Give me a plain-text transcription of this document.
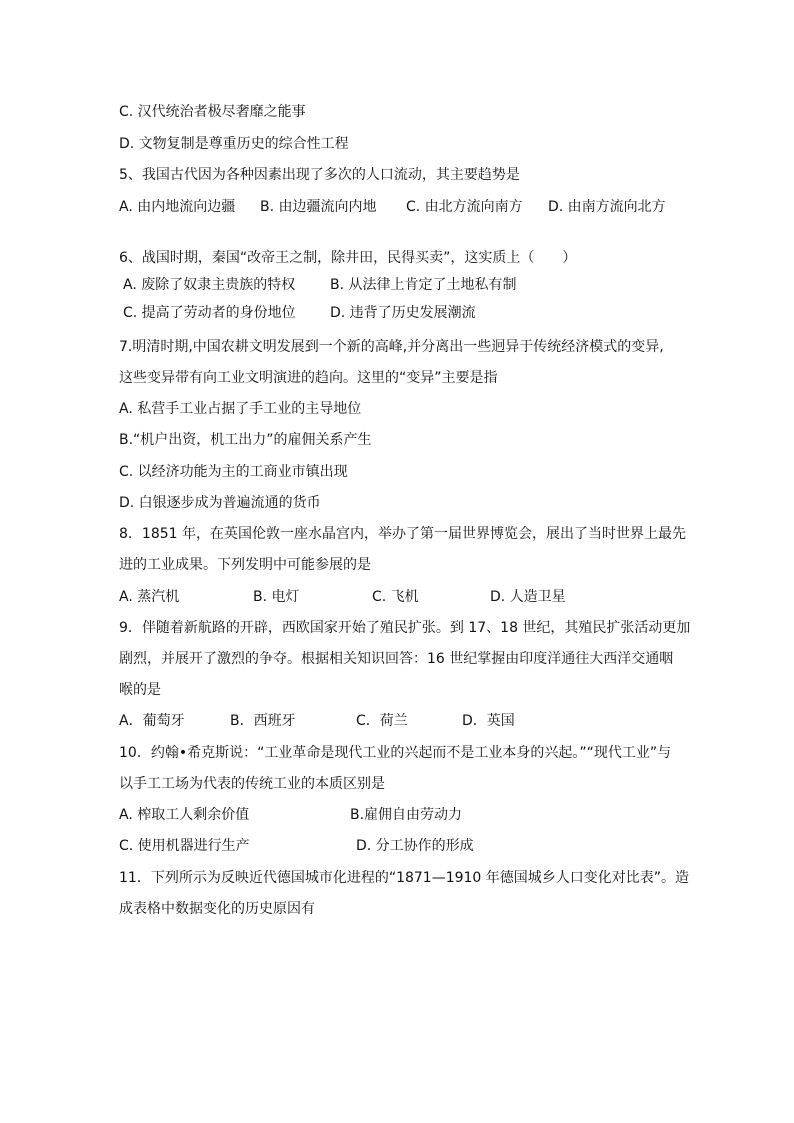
C. 汉代统治者极尽奢靡之能事
D. 文物复制是尊重历史的综合性工程
5、我国古代因为各种因素出现了多次的人口流动，其主要趋势是
A. 由内地流向边疆 B. 由边疆流向内地 C. 由北方流向南方 D. 由南方流向北方
6、战国时期，秦国“改帝王之制，除井田，民得买卖”，这实质上（　　）
A. 废除了奴隶主贵族的特权 B. 从法律上肯定了土地私有制
C. 提高了劳动者的身份地位 D. 违背了历史发展潮流
7.明清时期,中国农耕文明发展到一个新的高峰,并分离出一些迥异于传统经济模式的变异,
这些变异带有向工业文明演进的趋向。这里的“变异”主要是指
A. 私营手工业占据了手工业的主导地位
B.“机户出资，机工出力”的雇佣关系产生
C. 以经济功能为主的工商业市镇出现
D. 白银逐步成为普遍流通的货币
8．1851 年，在英国伦敦一座水晶宫内，举办了第一届世界博览会，展出了当时世界上最先
进的工业成果。下列发明中可能参展的是
A. 蒸汽机	B. 电灯	C. 飞机	D. 人造卫星
9．伴随着新航路的开辟，西欧国家开始了殖民扩张。到 17、18 世纪，其殖民扩张活动更加
剧烈，并展开了激烈的争夺。根据相关知识回答：16 世纪掌握由印度洋通往大西洋交通咽
喉的是
A．葡萄牙	B．西班牙	C．荷兰	D．英国
10．约翰•希克斯说：“工业革命是现代工业的兴起而不是工业本身的兴起。”“现代工业”与
以手工工场为代表的传统工业的本质区别是
A. 榨取工人剩余价值	B.雇佣自由劳动力
C. 使用机器进行生产	D. 分工协作的形成
11．下列所示为反映近代德国城市化进程的“1871—1910 年德国城乡人口变化对比表”。造
成表格中数据变化的历史原因有
